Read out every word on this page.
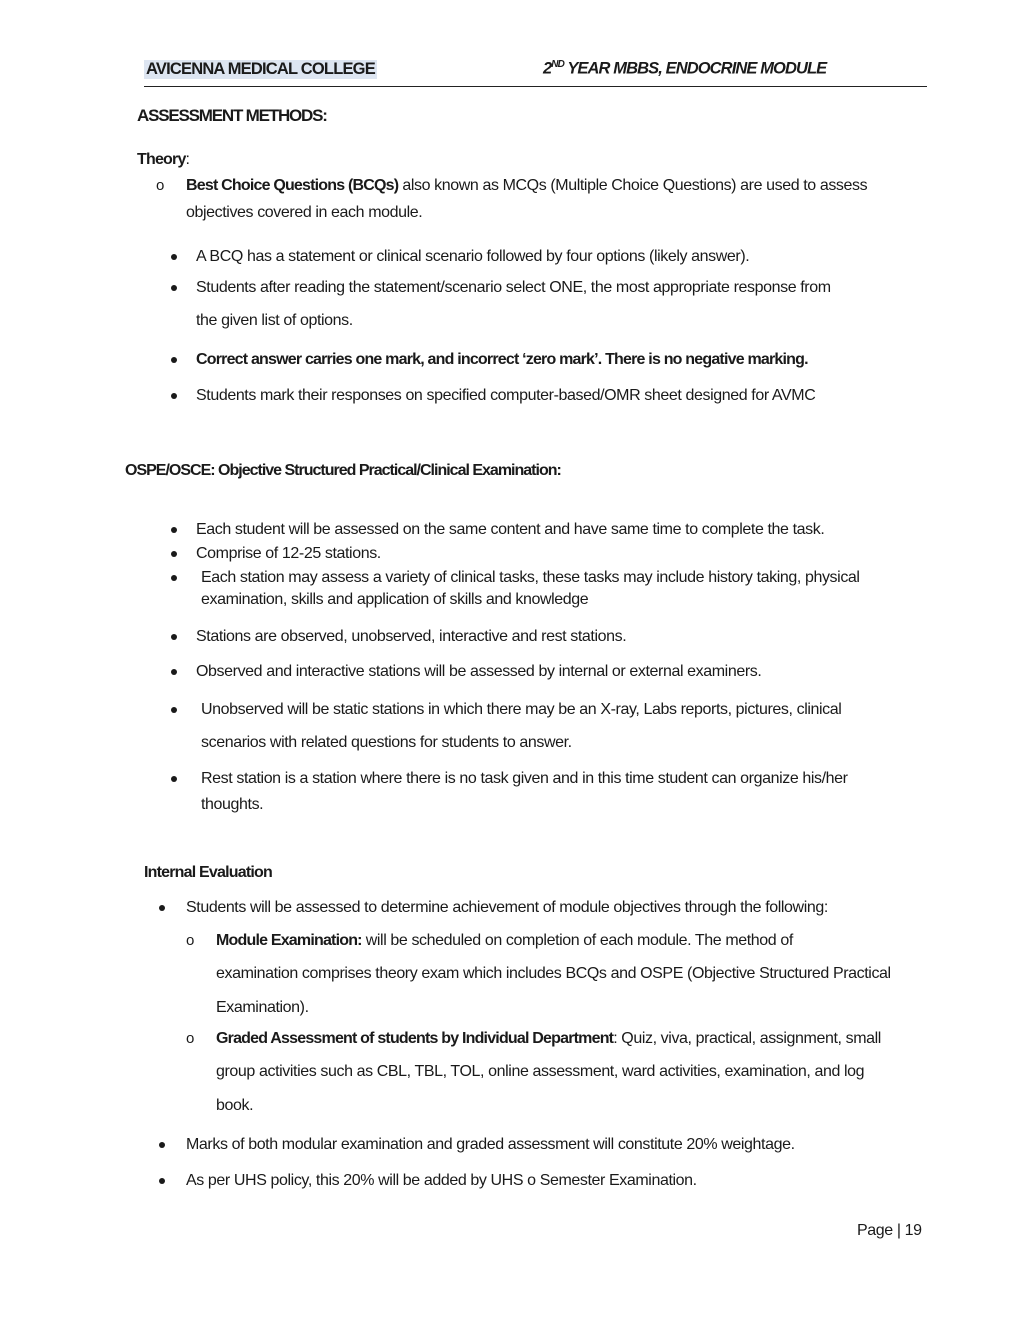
AVICENNA MEDICAL COLLEGE	2ND YEAR MBBS, ENDOCRINE MODULE
ASSESSMENT METHODS:
Theory:
o Best Choice Questions (BCQs) also known as MCQs (Multiple Choice Questions) are used to assess
objectives covered in each module.
A BCQ has a statement or clinical scenario followed by four options (likely answer).
Students after reading the statement/scenario select ONE, the most appropriate response from
the given list of options.
Correct answer carries one mark, and incorrect ‘zero mark’. There is no negative marking.
Students mark their responses on specified computer-based/OMR sheet designed for AVMC
OSPE/OSCE: Objective Structured Practical/Clinical Examination:
Each student will be assessed on the same content and have same time to complete the task.
Comprise of 12-25 stations.
Each station may assess a variety of clinical tasks, these tasks may include history taking, physical
examination, skills and application of skills and knowledge
Stations are observed, unobserved, interactive and rest stations.
Observed and interactive stations will be assessed by internal or external examiners.
Unobserved will be static stations in which there may be an X-ray, Labs reports, pictures, clinical
scenarios with related questions for students to answer.
Rest station is a station where there is no task given and in this time student can organize his/her
thoughts.
Internal Evaluation
Students will be assessed to determine achievement of module objectives through the following:
o Module Examination: will be scheduled on completion of each module. The method of
examination comprises theory exam which includes BCQs and OSPE (Objective Structured Practical
Examination).
o Graded Assessment of students by Individual Department: Quiz, viva, practical, assignment, small
group activities such as CBL, TBL, TOL, online assessment, ward activities, examination, and log
book.
Marks of both modular examination and graded assessment will constitute 20% weightage.
As per UHS policy, this 20% will be added by UHS o Semester Examination.
Page | 19
